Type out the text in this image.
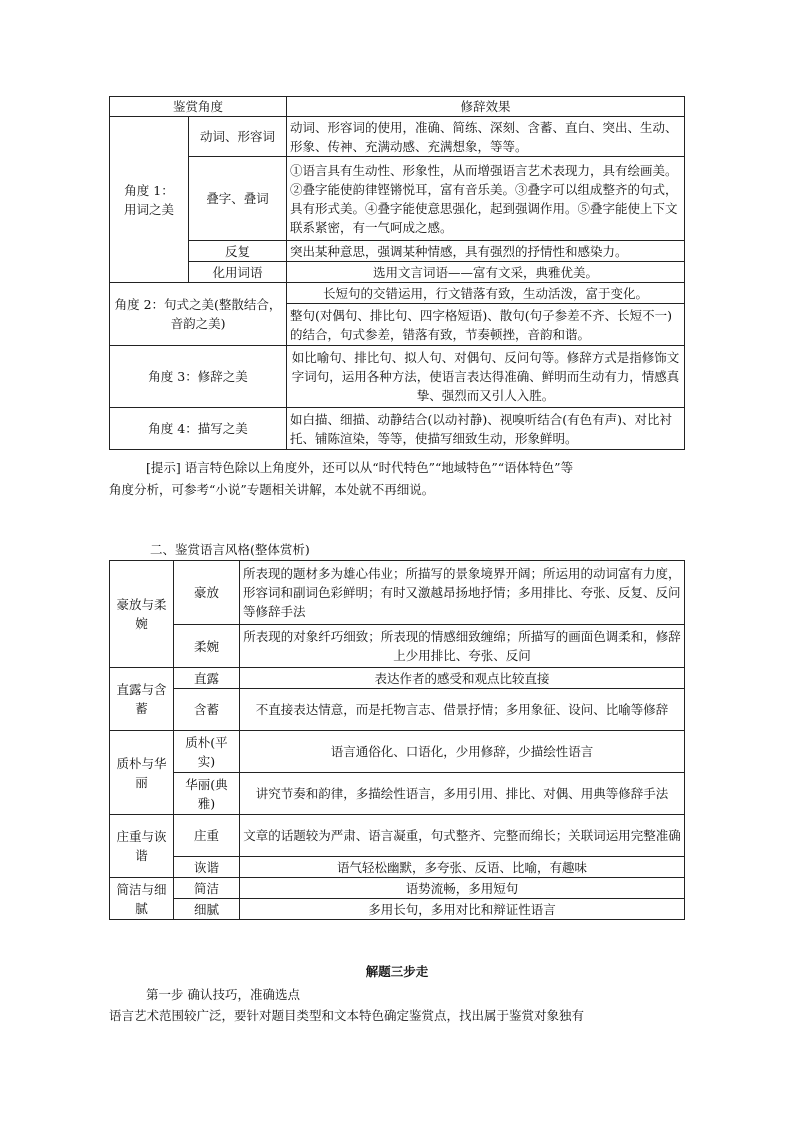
鉴赏角度		修辞效果
角度 1：
用词之美	动词、形容词	动词、形容词的使用，准确、简练、深刻、含蓄、直白、突出、生动、形象、传神、充满动感、充满想象，等等。
	叠字、叠词	①语言具有生动性、形象性，从而增强语言艺术表现力，具有绘画美。②叠字能使韵律铿锵悦耳，富有音乐美。③叠字可以组成整齐的句式，具有形式美。④叠字能使意思强化，起到强调作用。⑤叠字能使上下文联系紧密，有一气呵成之感。
	反复	突出某种意思，强调某种情感，具有强烈的抒情性和感染力。
	化用词语	选用文言词语——富有文采，典雅优美。
角度 2：句式之美(整散结合，音韵之美)		长短句的交错运用，行文错落有致，生动活泼，富于变化。
		整句(对偶句、排比句、四字格短语)、散句(句子参差不齐、长短不一)的结合，句式参差，错落有致，节奏顿挫，音韵和谐。
角度 3：修辞之美		如比喻句、排比句、拟人句、对偶句、反问句等。修辞方式是指修饰文字词句，运用各种方法，使语言表达得准确、鲜明而生动有力，情感真挚、强烈而又引人入胜。
角度 4：描写之美		如白描、细描、动静结合(以动衬静)、视嗅听结合(有色有声)、对比衬托、铺陈渲染，等等，使描写细致生动，形象鲜明。
[提示] 语言特色除以上角度外，还可以从“时代特色”“地域特色”“语体特色”等
角度分析，可参考“小说”专题相关讲解，本处就不再细说。
二、鉴赏语言风格(整体赏析)
豪放与柔婉	豪放	所表现的题材多为雄心伟业；所描写的景象境界开阔；所运用的动词富有力度，形容词和副词色彩鲜明；有时又激越昂扬地抒情；多用排比、夸张、反复、反问等修辞手法
	柔婉	所表现的对象纤巧细致；所表现的情感细致缠绵；所描写的画面色调柔和，修辞上少用排比、夸张、反问
直露与含蓄	直露	表达作者的感受和观点比较直接
	含蓄	不直接表达情意，而是托物言志、借景抒情；多用象征、设问、比喻等修辞
质朴与华丽	质朴(平实)	语言通俗化、口语化，少用修辞，少描绘性语言
	华丽(典雅)	讲究节奏和韵律，多描绘性语言，多用引用、排比、对偶、用典等修辞手法
庄重与诙谐	庄重	文章的话题较为严肃、语言凝重，句式整齐、完整而绵长；关联词运用完整准确
	诙谐	语气轻松幽默，多夸张、反语、比喻，有趣味
简洁与细腻	简洁	语势流畅，多用短句
	细腻	多用长句，多用对比和辩证性语言
解题三步走
第一步 确认技巧，准确选点
语言艺术范围较广泛，要针对题目类型和文本特色确定鉴赏点，找出属于鉴赏对象独有
